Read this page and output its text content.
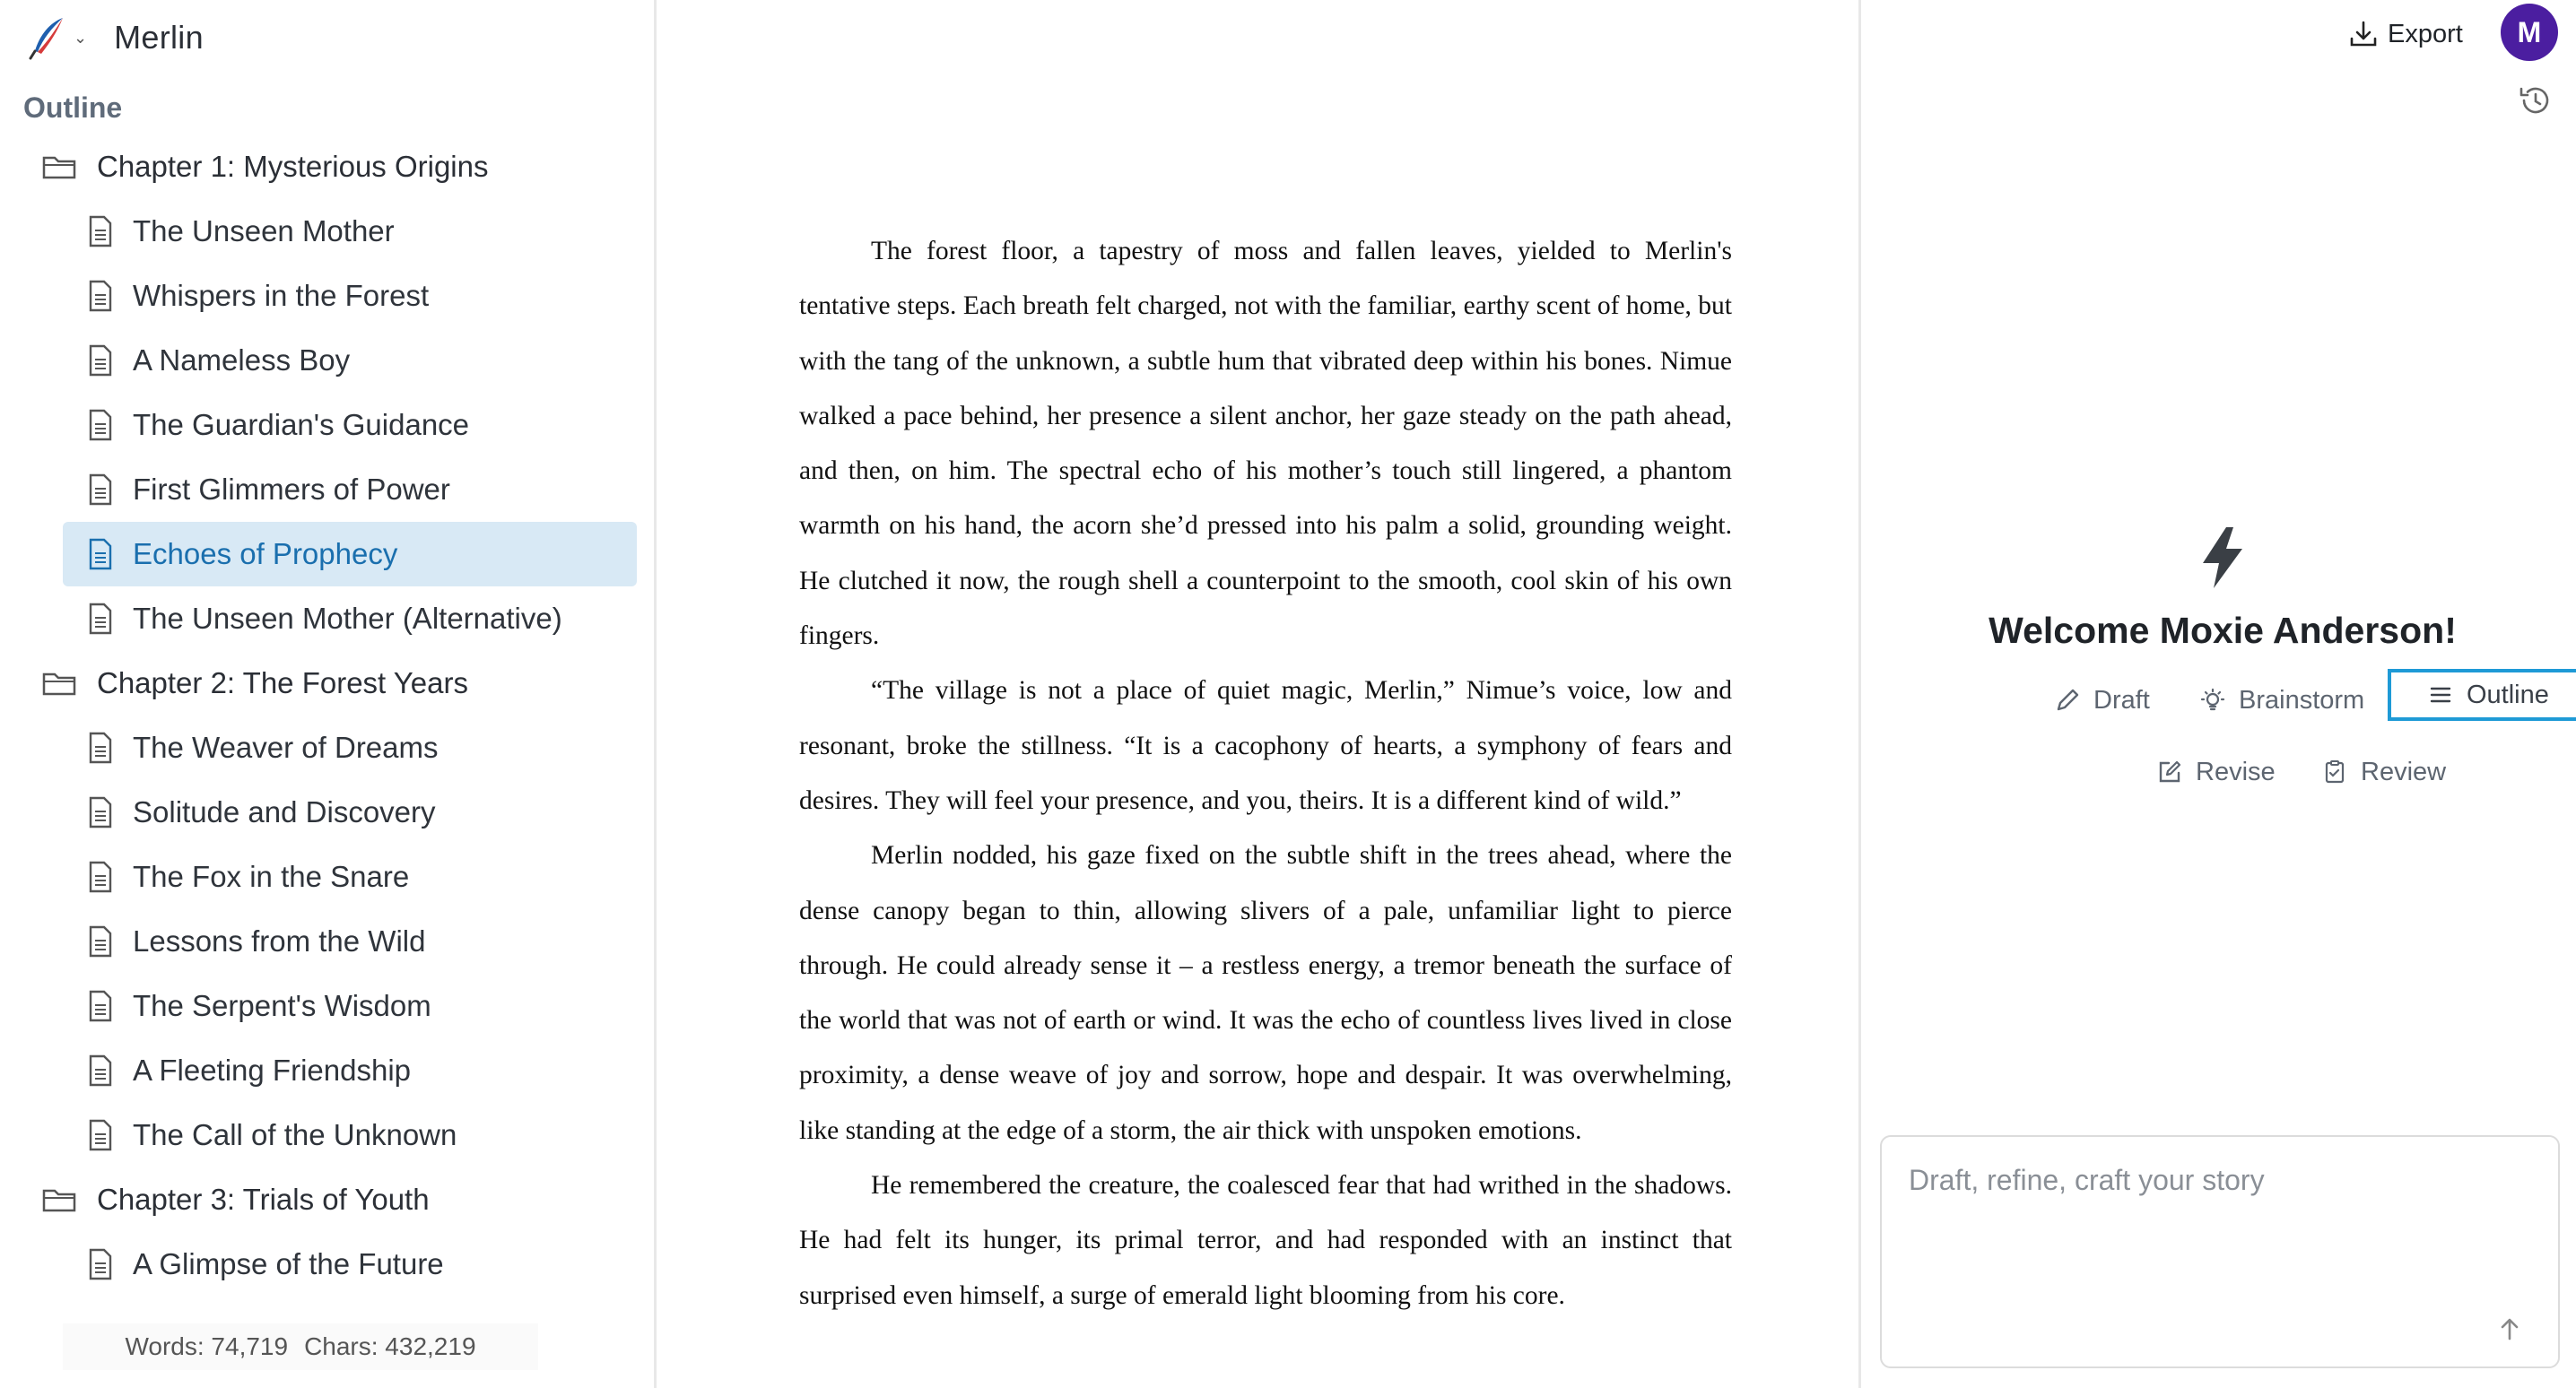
⌄ Merlin
Outline
Chapter 1: Mysterious Origins
The Unseen Mother
Whispers in the Forest
A Nameless Boy
The Guardian's Guidance
First Glimmers of Power
Echoes of Prophecy
The Unseen Mother (Alternative)
Chapter 2: The Forest Years
The Weaver of Dreams
Solitude and Discovery
The Fox in the Snare
Lessons from the Wild
The Serpent's Wisdom
A Fleeting Friendship
The Call of the Unknown
Chapter 3: Trials of Youth
A Glimpse of the Future
Words: 74,719 Chars: 432,219

The forest floor, a tapestry of moss and fallen leaves, yielded to Merlin's tentative steps. Each breath felt charged, not with the familiar, earthy scent of home, but with the tang of the unknown, a subtle hum that vibrated deep within his bones. Nimue walked a pace behind, her presence a silent anchor, her gaze steady on the path ahead, and then, on him. The spectral echo of his mother’s touch still lingered, a phantom warmth on his hand, the acorn she’d pressed into his palm a solid, grounding weight. He clutched it now, the rough shell a counterpoint to the smooth, cool skin of his own fingers.

“The village is not a place of quiet magic, Merlin,” Nimue’s voice, low and resonant, broke the stillness. “It is a cacophony of hearts, a symphony of fears and desires. They will feel your presence, and you, theirs. It is a different kind of wild.”

Merlin nodded, his gaze fixed on the subtle shift in the trees ahead, where the dense canopy began to thin, allowing slivers of a pale, unfamiliar light to pierce through. He could already sense it – a restless energy, a tremor beneath the surface of the world that was not of earth or wind. It was the echo of countless lives lived in close proximity, a dense weave of joy and sorrow, hope and despair. It was overwhelming, like standing at the edge of a storm, the air thick with unspoken emotions.

He remembered the creature, the coalesced fear that had writhed in the shadows. He had felt its hunger, its primal terror, and had responded with an instinct that surprised even himself, a surge of emerald light blooming from his core.

Export	M
Welcome Moxie Anderson!
Draft	Brainstorm	Outline
Revise	Review
Draft, refine, craft your story
